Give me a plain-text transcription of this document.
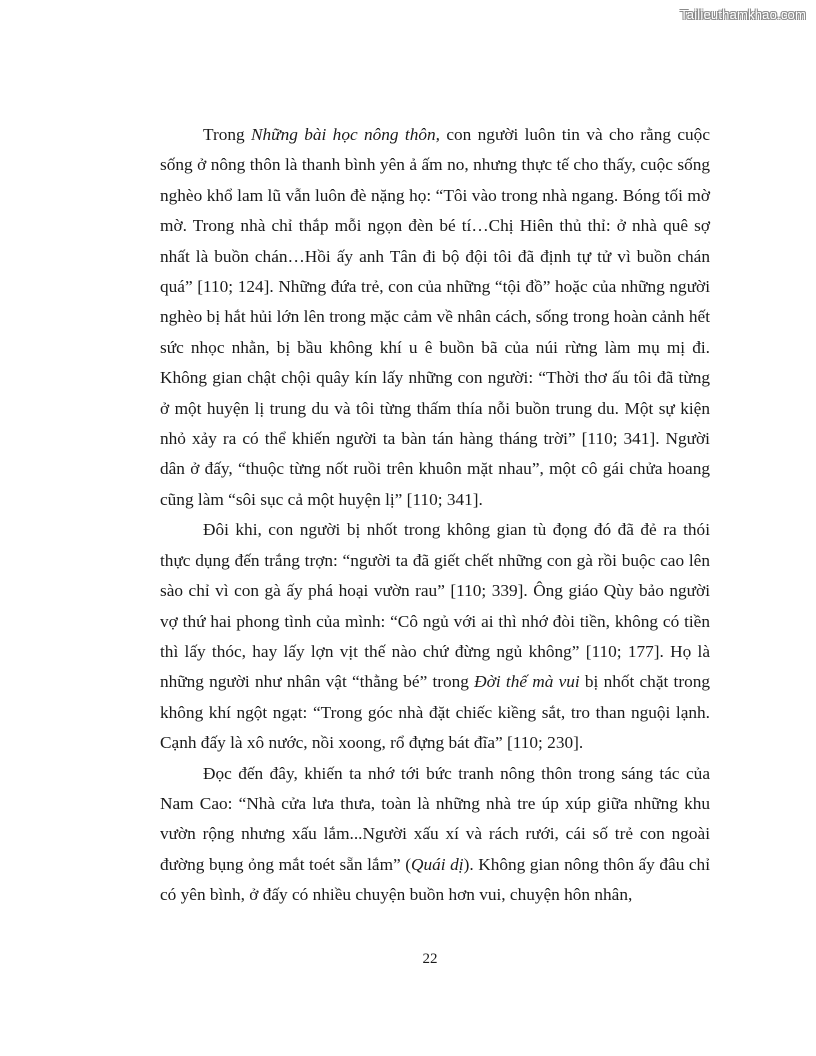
Tailieuthamkhao.com

Trong Những bài học nông thôn, con người luôn tin và cho rằng cuộc sống ở nông thôn là thanh bình yên ả ấm no, nhưng thực tế cho thấy, cuộc sống nghèo khổ lam lũ vẫn luôn đè nặng họ: “Tôi vào trong nhà ngang. Bóng tối mờ mờ. Trong nhà chỉ thắp mỗi ngọn đèn bé tí…Chị Hiên thủ thỉ: ở nhà quê sợ nhất là buồn chán…Hồi ấy anh Tân đi bộ đội tôi đã định tự tử vì buồn chán quá” [110; 124]. Những đứa trẻ, con của những “tội đồ” hoặc của những người nghèo bị hắt hủi lớn lên trong mặc cảm về nhân cách, sống trong hoàn cảnh hết sức nhọc nhằn, bị bầu không khí u ê buồn bã của núi rừng làm mụ mị đi. Không gian chật chội quây kín lấy những con người: “Thời thơ ấu tôi đã từng ở một huyện lị trung du và tôi từng thấm thía nỗi buồn trung du. Một sự kiện nhỏ xảy ra có thể khiến người ta bàn tán hàng tháng trời” [110; 341]. Người dân ở đấy, “thuộc từng nốt ruồi trên khuôn mặt nhau”, một cô gái chửa hoang cũng làm “sôi sục cả một huyện lị” [110; 341].

Đôi khi, con người bị nhốt trong không gian tù đọng đó đã đẻ ra thói thực dụng đến trắng trợn: “người ta đã giết chết những con gà rồi buộc cao lên sào chỉ vì con gà ấy phá hoại vườn rau” [110; 339]. Ông giáo Qùy bảo người vợ thứ hai phong tình của mình: “Cô ngủ với ai thì nhớ đòi tiền, không có tiền thì lấy thóc, hay lấy lợn vịt thế nào chứ đừng ngủ không” [110; 177]. Họ là những người như nhân vật “thằng bé” trong Đời thế mà vui bị nhốt chặt trong không khí ngột ngạt: “Trong góc nhà đặt chiếc kiềng sắt, tro than nguội lạnh. Cạnh đấy là xô nước, nồi xoong, rổ đựng bát đĩa” [110; 230].

Đọc đến đây, khiến ta nhớ tới bức tranh nông thôn trong sáng tác của Nam Cao: “Nhà cửa lưa thưa, toàn là những nhà tre úp xúp giữa những khu vườn rộng nhưng xấu lắm...Người xấu xí và rách rưới, cái số trẻ con ngoài đường bụng ỏng mắt toét sẵn lắm” (Quái dị). Không gian nông thôn ấy đâu chỉ có yên bình, ở đấy có nhiều chuyện buồn hơn vui, chuyện hôn nhân,

22
